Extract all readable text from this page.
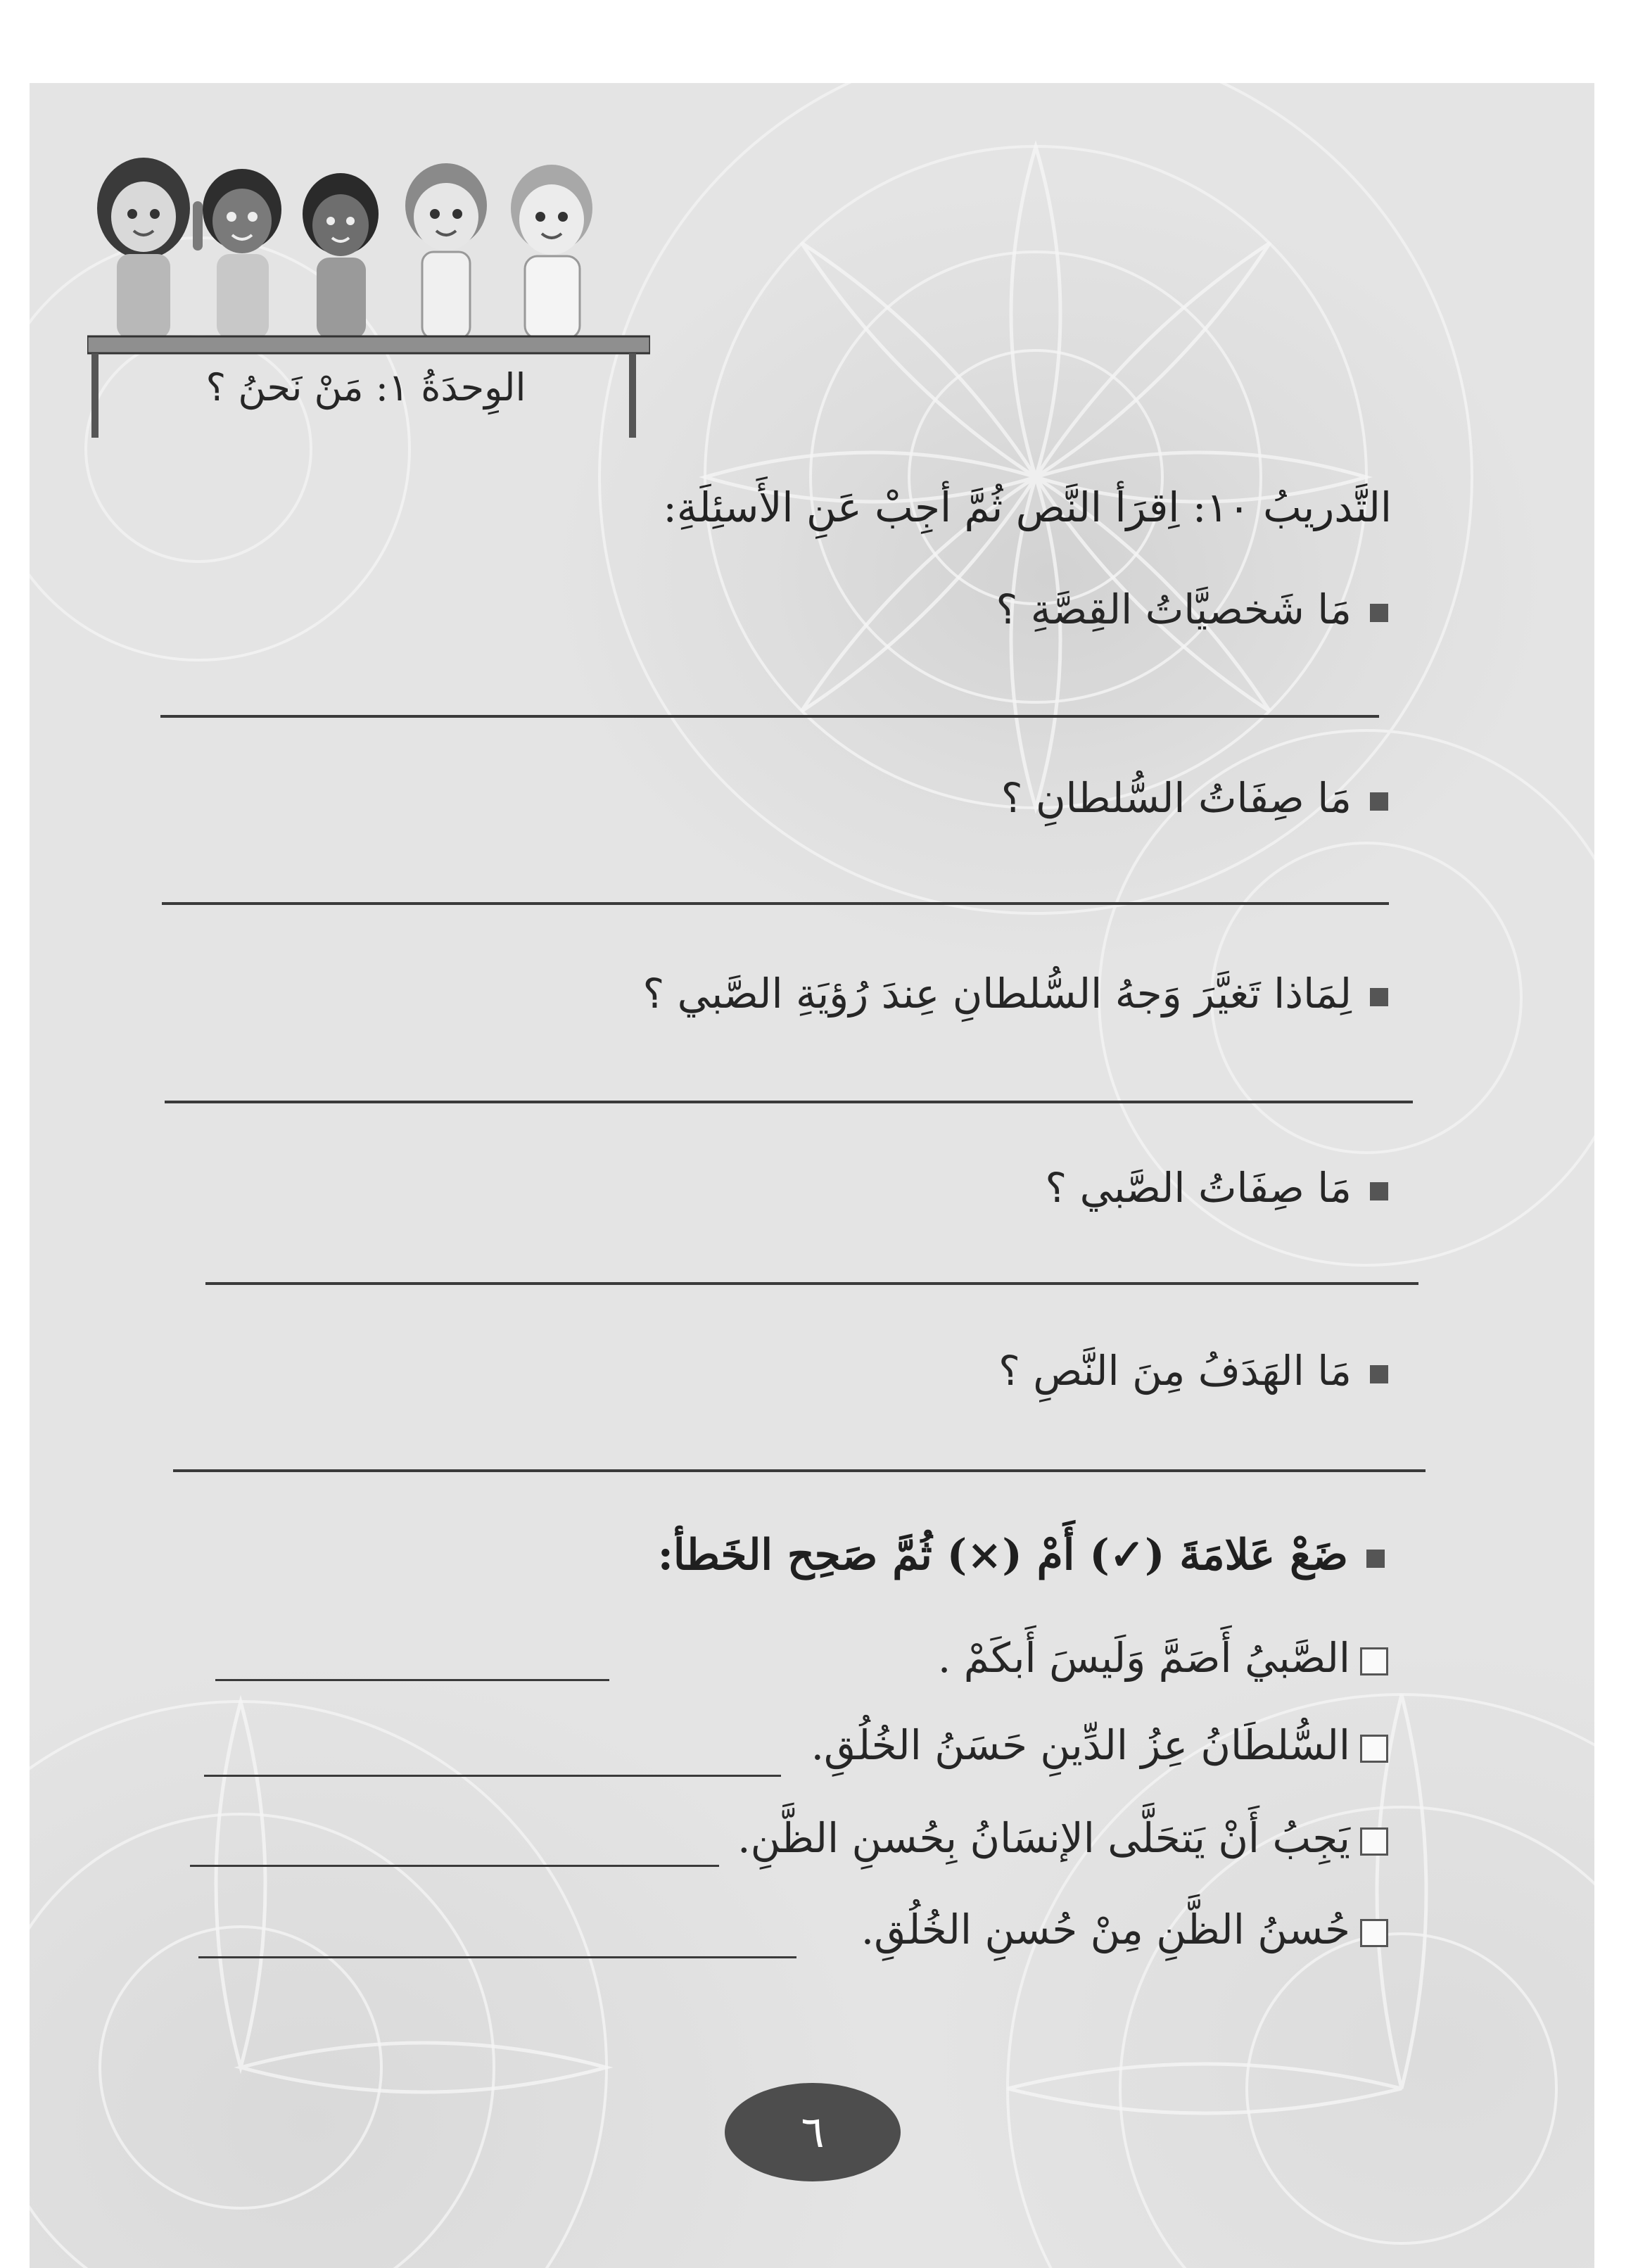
الوِحدَةُ ١: مَنْ نَحنُ ؟
التَّدريبُ ١٠: اِقرَأ النَّص ثُمَّ أجِبْ عَنِ الأَسئِلَةِ:
مَا شَخصيَّاتُ القِصَّةِ ؟
مَا صِفَاتُ السُّلطانِ ؟
لِمَاذا تَغيَّرَ وَجهُ السُّلطانِ عِندَ رُؤيَةِ الصَّبي ؟
مَا صِفَاتُ الصَّبي ؟
مَا الهَدَفُ مِنَ النَّصِ ؟
ضَعْ عَلامَةَ (✓) أَمْ (×) ثُمَّ صَحِح الخَطأ:
الصَّبيُ أَصَمَّ وَلَيسَ أَبكَمْ .
السُّلطَانُ عِزُ الدِّينِ حَسَنُ الخُلُقِ.
يَجِبُ أَنْ يَتحَلَّى الإنسَانُ بِحُسنِ الظَّنِ.
حُسنُ الظَّنِ مِنْ حُسنِ الخُلُقِ.
٦
